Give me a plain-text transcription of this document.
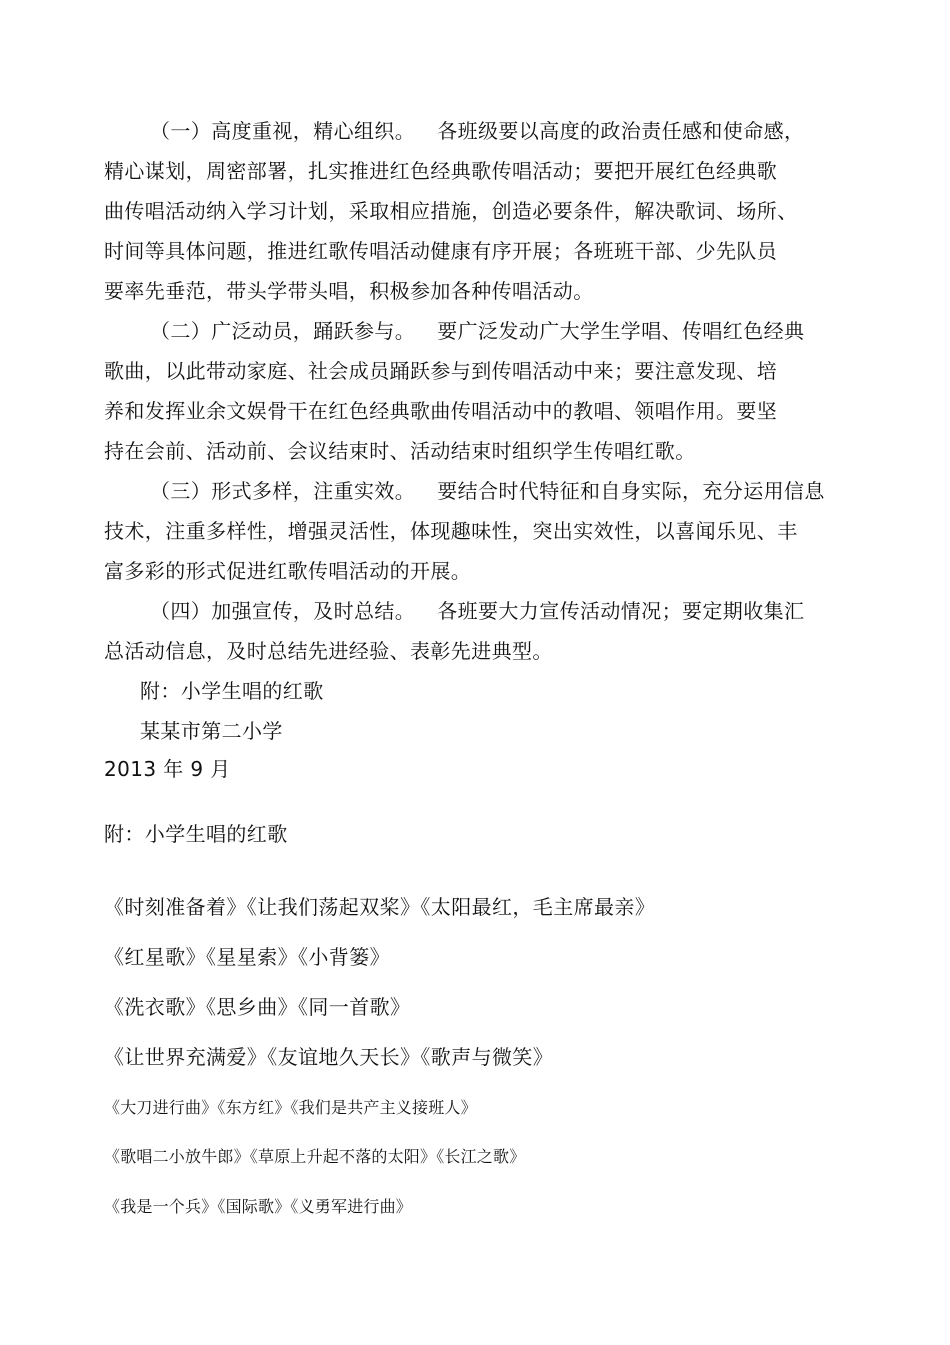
（一）高度重视，精心组织。 各班级要以高度的政治责任感和使命感，
精心谋划，周密部署，扎实推进红色经典歌传唱活动；要把开展红色经典歌
曲传唱活动纳入学习计划，采取相应措施，创造必要条件，解决歌词、场所、
时间等具体问题，推进红歌传唱活动健康有序开展；各班班干部、少先队员
要率先垂范，带头学带头唱，积极参加各种传唱活动。
（二）广泛动员，踊跃参与。 要广泛发动广大学生学唱、传唱红色经典
歌曲，以此带动家庭、社会成员踊跃参与到传唱活动中来；要注意发现、培
养和发挥业余文娱骨干在红色经典歌曲传唱活动中的教唱、领唱作用。要坚
持在会前、活动前、会议结束时、活动结束时组织学生传唱红歌。
（三）形式多样，注重实效。 要结合时代特征和自身实际，充分运用信息
技术，注重多样性，增强灵活性，体现趣味性，突出实效性，以喜闻乐见、丰
富多彩的形式促进红歌传唱活动的开展。
（四）加强宣传，及时总结。 各班要大力宣传活动情况；要定期收集汇
总活动信息，及时总结先进经验、表彰先进典型。
附：小学生唱的红歌
某某市第二小学
2013 年 9 月
附：小学生唱的红歌
《时刻准备着》《让我们荡起双桨》《太阳最红，毛主席最亲》
《红星歌》《星星索》《小背篓》
《洗衣歌》《思乡曲》《同一首歌》
《让世界充满爱》《友谊地久天长》《歌声与微笑》
《大刀进行曲》《东方红》《我们是共产主义接班人》
《歌唱二小放牛郎》《草原上升起不落的太阳》《长江之歌》
《我是一个兵》《国际歌》《义勇军进行曲》
